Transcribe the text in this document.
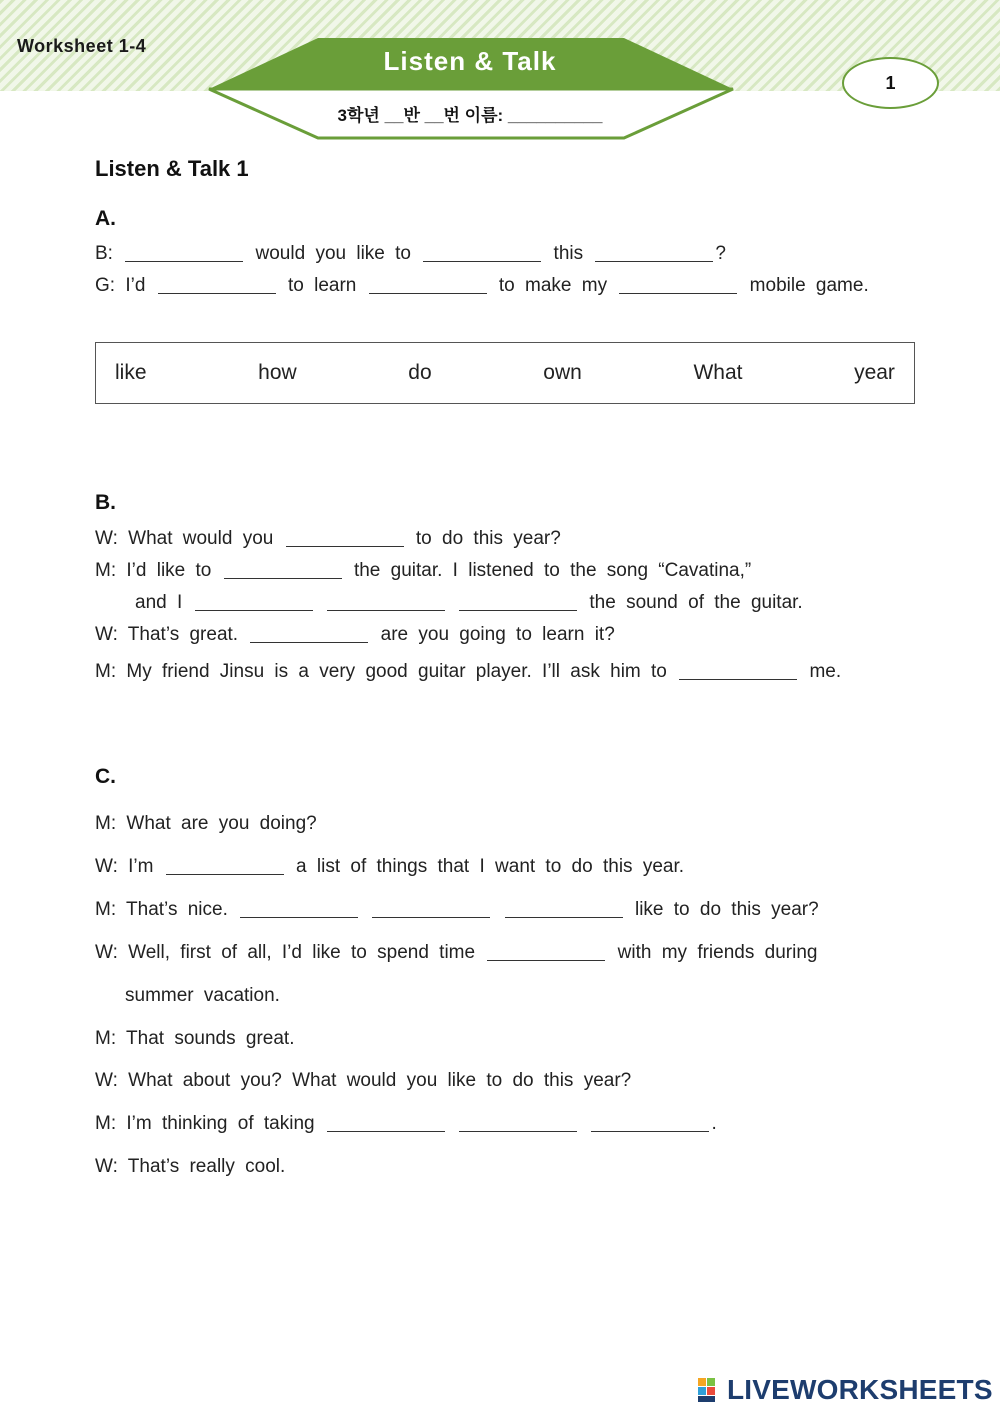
Worksheet 1-4	Listen & Talk
3학년 __반 __번 이름: __________
1
Listen & Talk 1
A.
B:	would you like to	this	?
G: I’d	to learn	to make my	mobile game.
like	how	do	own	What	year
B.
W: What would you	to do this year?
M: I’d like to	the guitar. I listened to the song “Cavatina,”
and I	the sound of the guitar.
W: That’s great.	are you going to learn it?
M: My friend Jinsu is a very good guitar player. I’ll ask him to	me.
C.
M: What are you doing?
W: I’m	a list of things that I want to do this year.
M: That’s nice.	like to do this year?
W: Well, first of all, I’d like to spend time	with my friends during
summer vacation.
M: That sounds great.
W: What about you? What would you like to do this year?
M: I’m thinking of taking	.
W: That’s really cool.
LIVEWORKSHEETS
